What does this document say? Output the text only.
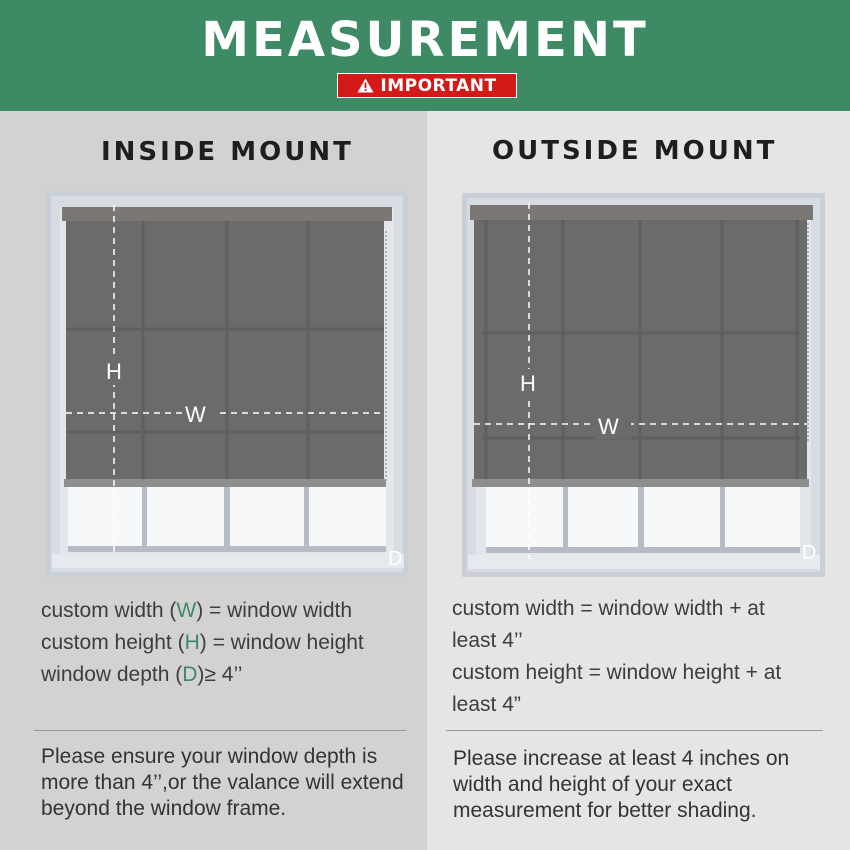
MEASUREMENT
IMPORTANT
INSIDE MOUNT
H
W
D
custom width (W) = window width
custom height (H) = window height
window depth (D)≥ 4’’
Please ensure your window depth is more than 4’’,or the valance will extend beyond the window frame.
OUTSIDE MOUNT
H
W
D
custom width = window width + at
least 4’’
custom height = window height + at
least 4”
Please increase at least 4 inches on width and height of your exact measurement for better shading.
